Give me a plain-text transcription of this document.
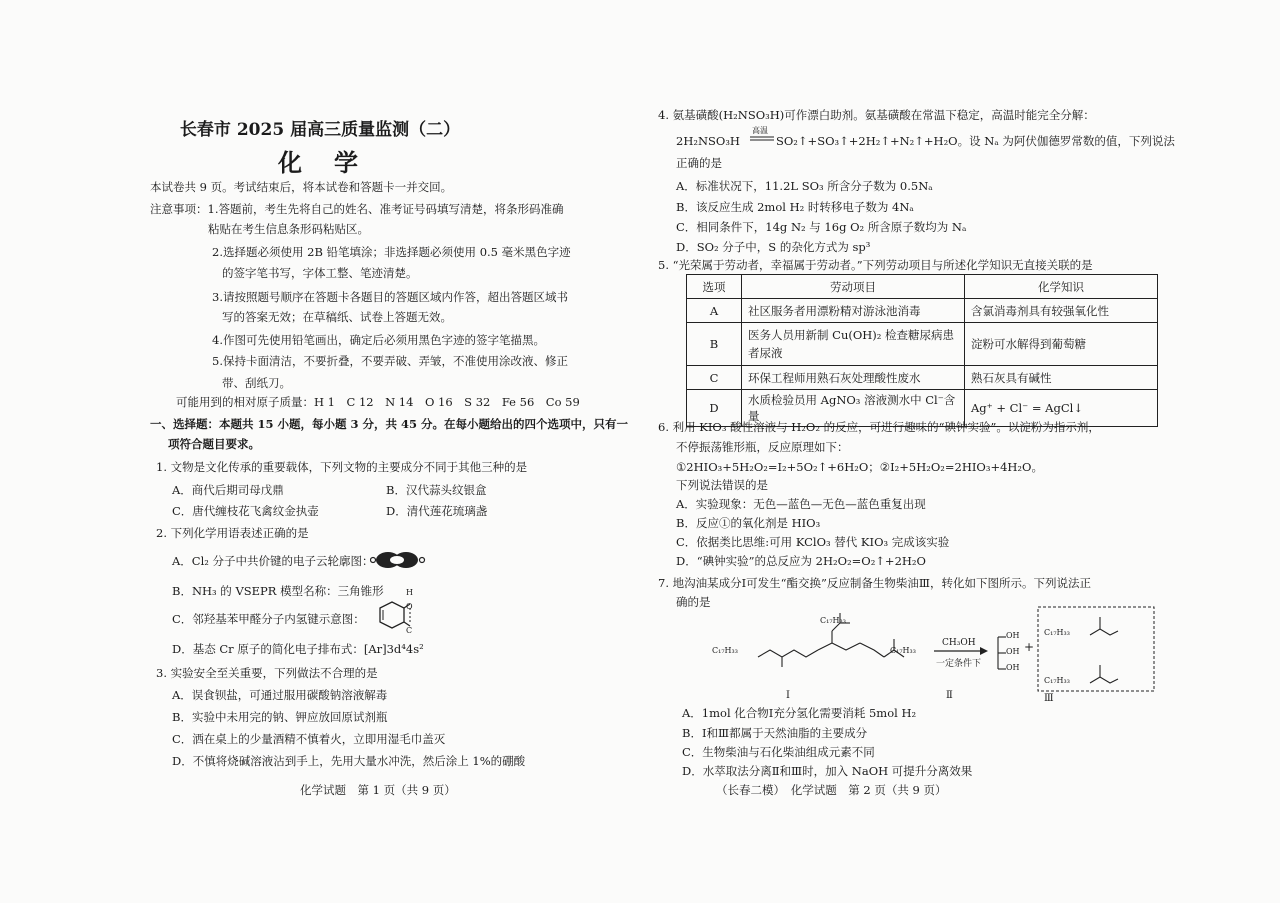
长春市 2025 届高三质量监测（二）
化　学
本试卷共 9 页。考试结束后，将本试卷和答题卡一并交回。
注意事项：1.答题前，考生先将自己的姓名、准考证号码填写清楚，将条形码准确
粘贴在考生信息条形码粘贴区。
2.选择题必须使用 2B 铅笔填涂；非选择题必须使用 0.5 毫米黑色字迹
的签字笔书写，字体工整、笔迹清楚。
3.请按照题号顺序在答题卡各题目的答题区域内作答，超出答题区域书
写的答案无效；在草稿纸、试卷上答题无效。
4.作图可先使用铅笔画出，确定后必须用黑色字迹的签字笔描黑。
5.保持卡面清洁，不要折叠，不要弄破、弄皱，不准使用涂改液、修正
带、刮纸刀。
可能用到的相对原子质量：H 1　C 12　N 14　O 16　S 32　Fe 56　Co 59
一、选择题：本题共 15 小题，每小题 3 分，共 45 分。在每小题给出的四个选项中，只有一
项符合题目要求。
1. 文物是文化传承的重要载体，下列文物的主要成分不同于其他三种的是
A．商代后期司母戊鼎	B．汉代蒜头纹银盒
C．唐代缠枝花飞禽纹金执壶	D．清代莲花琉璃盏
2. 下列化学用语表述正确的是
A．Cl₂ 分子中共价键的电子云轮廓图：
B．NH₃ 的 VSEPR 模型名称：三角锥形
C．邻羟基苯甲醛分子内氢键示意图：
H
O
C
D．基态 Cr 原子的简化电子排布式：[Ar]3d⁴4s²
3. 实验安全至关重要，下列做法不合理的是
A．误食钡盐，可通过服用碳酸钠溶液解毒
B．实验中未用完的钠、钾应放回原试剂瓶
C．洒在桌上的少量酒精不慎着火，立即用湿毛巾盖灭
D．不慎将烧碱溶液沾到手上，先用大量水冲洗，然后涂上 1%的硼酸
化学试题　第 1 页（共 9 页）
4. 氨基磺酸(H₂NSO₃H)可作漂白助剂。氨基磺酸在常温下稳定，高温时能完全分解：
2H₂NSO₃H
高温
SO₂↑+SO₃↑+2H₂↑+N₂↑+H₂O。设 Nₐ 为阿伏伽德罗常数的值，下列说法
正确的是
A．标准状况下，11.2L SO₃ 所含分子数为 0.5Nₐ
B．该反应生成 2mol H₂ 时转移电子数为 4Nₐ
C．相同条件下，14g N₂ 与 16g O₂ 所含原子数均为 Nₐ
D．SO₂ 分子中，S 的杂化方式为 sp³
5. “光荣属于劳动者，幸福属于劳动者。”下列劳动项目与所述化学知识无直接关联的是
选项	劳动项目	化学知识
A	社区服务者用漂粉精对游泳池消毒	含氯消毒剂具有较强氧化性
B	医务人员用新制 Cu(OH)₂ 检查糖尿病患者尿液	淀粉可水解得到葡萄糖
C	环保工程师用熟石灰处理酸性废水	熟石灰具有碱性
D	水质检验员用 AgNO₃ 溶液测水中 Cl⁻含量	Ag⁺ + Cl⁻ = AgCl↓
6. 利用 KIO₃ 酸性溶液与 H₂O₂ 的反应，可进行趣味的“碘钟实验”。以淀粉为指示剂，
不停振荡锥形瓶，反应原理如下：
①2HIO₃+5H₂O₂=I₂+5O₂↑+6H₂O；②I₂+5H₂O₂=2HIO₃+4H₂O。
下列说法错误的是
A．实验现象：无色—蓝色—无色—蓝色重复出现
B．反应①的氧化剂是 HIO₃
C．依据类比思维:可用 KClO₃ 替代 KIO₃ 完成该实验
D．“碘钟实验”的总反应为 2H₂O₂=O₂↑+2H₂O
7. 地沟油某成分I可发生“酯交换”反应制备生物柴油Ⅲ，转化如下图所示。下列说法正
确的是
C₁₇H₃₃
C₁₇H₃₃
C₁₇H₃₃
CH₃OH
一定条件下
OH
OH
OH
+
C₁₇H₃₃
C₁₇H₃₃
I	Ⅱ	Ⅲ
A．1mol 化合物I充分氢化需要消耗 5mol H₂
B．I和Ⅲ都属于天然油脂的主要成分
C．生物柴油与石化柴油组成元素不同
D．水萃取法分离Ⅱ和Ⅲ时，加入 NaOH 可提升分离效果
（长春二模）　化学试题　第 2 页（共 9 页）
